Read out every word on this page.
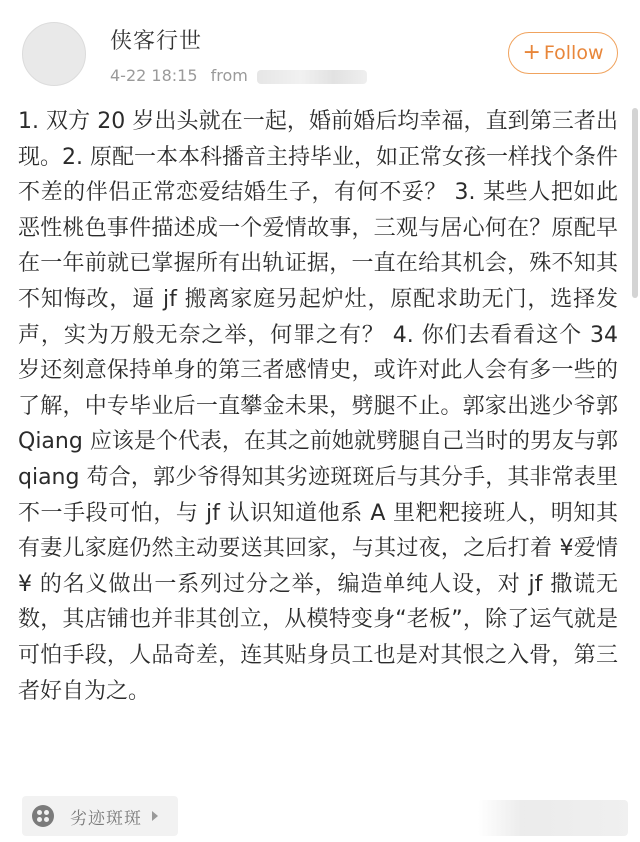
侠客行世
4-22 18:15 from
+ Follow
1. 双方 20 岁出头就在一起，婚前婚后均幸福，直到第三者出现。2. 原配一本本科播音主持毕业，如正常女孩一样找个条件不差的伴侣正常恋爱结婚生子，有何不妥？ 3. 某些人把如此恶性桃色事件描述成一个爱情故事，三观与居心何在？原配早在一年前就已掌握所有出轨证据，一直在给其机会，殊不知其不知悔改，逼 jf 搬离家庭另起炉灶，原配求助无门，选择发声，实为万般无奈之举，何罪之有？ 4. 你们去看看这个 34 岁还刻意保持单身的第三者感情史，或许对此人会有多一些的了解，中专毕业后一直攀金未果，劈腿不止。郭家出逃少爷郭 Qiang 应该是个代表，在其之前她就劈腿自己当时的男友与郭 qiang 苟合，郭少爷得知其劣迹斑斑后与其分手，其非常表里不一手段可怕，与 jf 认识知道他系 A 里粑粑接班人，明知其有妻儿家庭仍然主动要送其回家，与其过夜，之后打着 ¥爱情¥ 的名义做出一系列过分之举，编造单纯人设，对 jf 撒谎无数，其店铺也并非其创立，从模特变身“老板”，除了运气就是可怕手段，人品奇差，连其贴身员工也是对其恨之入骨，第三者好自为之。
劣迹斑斑
